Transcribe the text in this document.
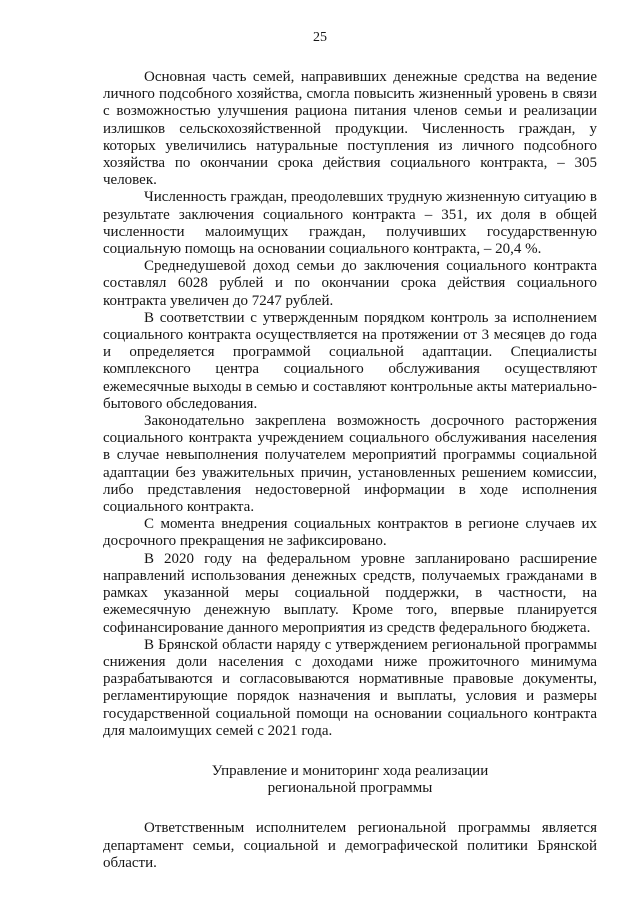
25

Основная часть семей, направивших денежные средства на ведение личного подсобного хозяйства, смогла повысить жизненный уровень в связи с возможностью улучшения рациона питания членов семьи и реализации излишков сельскохозяйственной продукции. Численность граждан, у которых увеличились натуральные поступления из личного подсобного хозяйства по окончании срока действия социального контракта, – 305 человек.

Численность граждан, преодолевших трудную жизненную ситуацию в результате заключения социального контракта – 351, их доля в общей численности малоимущих граждан, получивших государственную социальную помощь на основании социального контракта, – 20,4 %.

Среднедушевой доход семьи до заключения социального контракта составлял 6028 рублей и по окончании срока действия социального контракта увеличен до 7247 рублей.

В соответствии с утвержденным порядком контроль за исполнением социального контракта осуществляется на протяжении от 3 месяцев до года и определяется программой социальной адаптации. Специалисты комплексного центра социального обслуживания осуществляют ежемесячные выходы в семью и составляют контрольные акты материально-бытового обследования.

Законодательно закреплена возможность досрочного расторжения социального контракта учреждением социального обслуживания населения в случае невыполнения получателем мероприятий программы социальной адаптации без уважительных причин, установленных решением комиссии, либо представления недостоверной информации в ходе исполнения социального контракта.

С момента внедрения социальных контрактов в регионе случаев их досрочного прекращения не зафиксировано.

В 2020 году на федеральном уровне запланировано расширение направлений использования денежных средств, получаемых гражданами в рамках указанной меры социальной поддержки, в частности, на ежемесячную денежную выплату. Кроме того, впервые планируется софинансирование данного мероприятия из средств федерального бюджета.

В Брянской области наряду с утверждением региональной программы снижения доли населения с доходами ниже прожиточного минимума разрабатываются и согласовываются нормативные правовые документы, регламентирующие порядок назначения и выплаты, условия и размеры государственной социальной помощи на основании социального контракта для малоимущих семей с 2021 года.

Управление и мониторинг хода реализации
региональной программы

Ответственным исполнителем региональной программы является департамент семьи, социальной и демографической политики Брянской области.
